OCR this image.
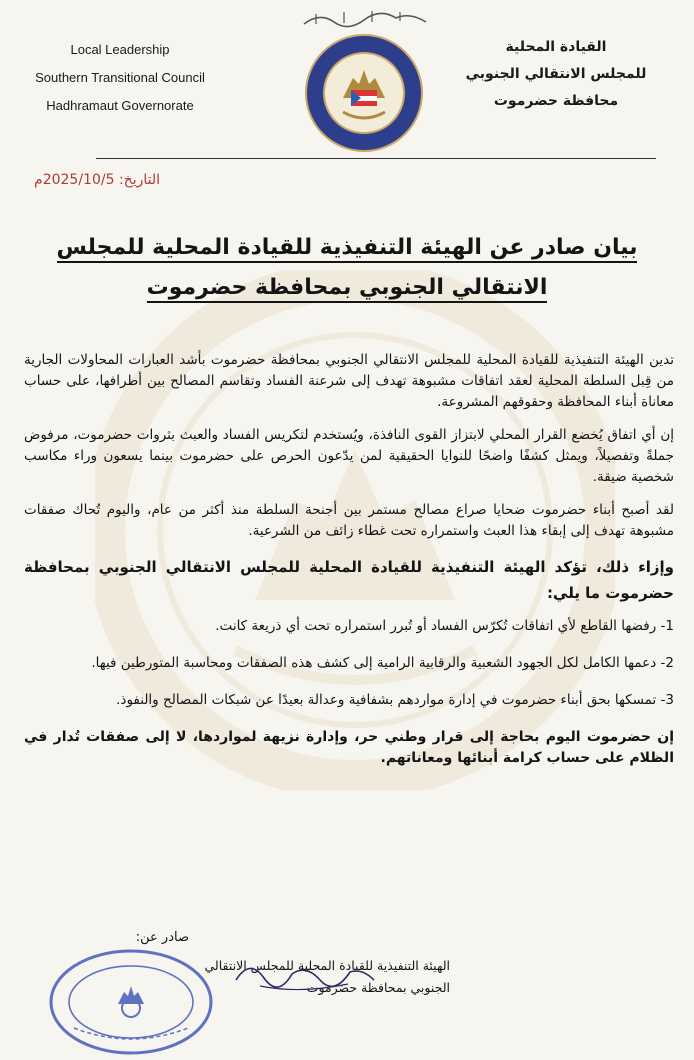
Local Leadership
Southern Transitional Council
Hadhramaut Governorate
القيادة المحلية
للمجلس الانتقالي الجنوبي
محافظة حضرموت
التاريخ: 2025/10/5م
بيان صادر عن الهيئة التنفيذية للقيادة المحلية للمجلس
الانتقالي الجنوبي بمحافظة حضرموت

تدين الهيئة التنفيذية للقيادة المحلية للمجلس الانتقالي الجنوبي بمحافظة حضرموت بأشد العبارات المحاولات الجارية من قِبل السلطة المحلية لعقد اتفاقات مشبوهة تهدف إلى شرعنة الفساد وتقاسم المصالح بين أطرافها، على حساب معاناة أبناء المحافظة وحقوقهم المشروعة.

إن أي اتفاق يُخضع القرار المحلي لابتزاز القوى النافذة، ويُستخدم لتكريس الفساد والعبث بثروات حضرموت، مرفوض جملةً وتفصيلاً، ويمثل كشفًا واضحًا للنوايا الحقيقية لمن يدّعون الحرص على حضرموت بينما يسعون وراء مكاسب شخصية ضيقة.

لقد أصبح أبناء حضرموت ضحايا صراع مصالح مستمر بين أجنحة السلطة منذ أكثر من عام، واليوم تُحاك صفقات مشبوهة تهدف إلى إبقاء هذا العبث واستمراره تحت غطاء زائف من الشرعية.

وإزاء ذلك، تؤكد الهيئة التنفيذية للقيادة المحلية للمجلس الانتقالي الجنوبي بمحافظة حضرموت ما يلي:

1- رفضها القاطع لأي اتفاقات تُكرّس الفساد أو تُبرر استمراره تحت أي ذريعة كانت.

2- دعمها الكامل لكل الجهود الشعبية والرقابية الرامية إلى كشف هذه الصفقات ومحاسبة المتورطين فيها.

3- تمسكها بحق أبناء حضرموت في إدارة مواردهم بشفافية وعدالة بعيدًا عن شبكات المصالح والنفوذ.

إن حضرموت اليوم بحاجة إلى قرار وطني حر، وإدارة نزيهة لمواردها، لا إلى صفقات تُدار في الظلام على حساب كرامة أبنائها ومعاناتهم.

صادر عن:
الهيئة التنفيذية للقيادة المحلية للمجلس الانتقالي
الجنوبي بمحافظة حضرموت
